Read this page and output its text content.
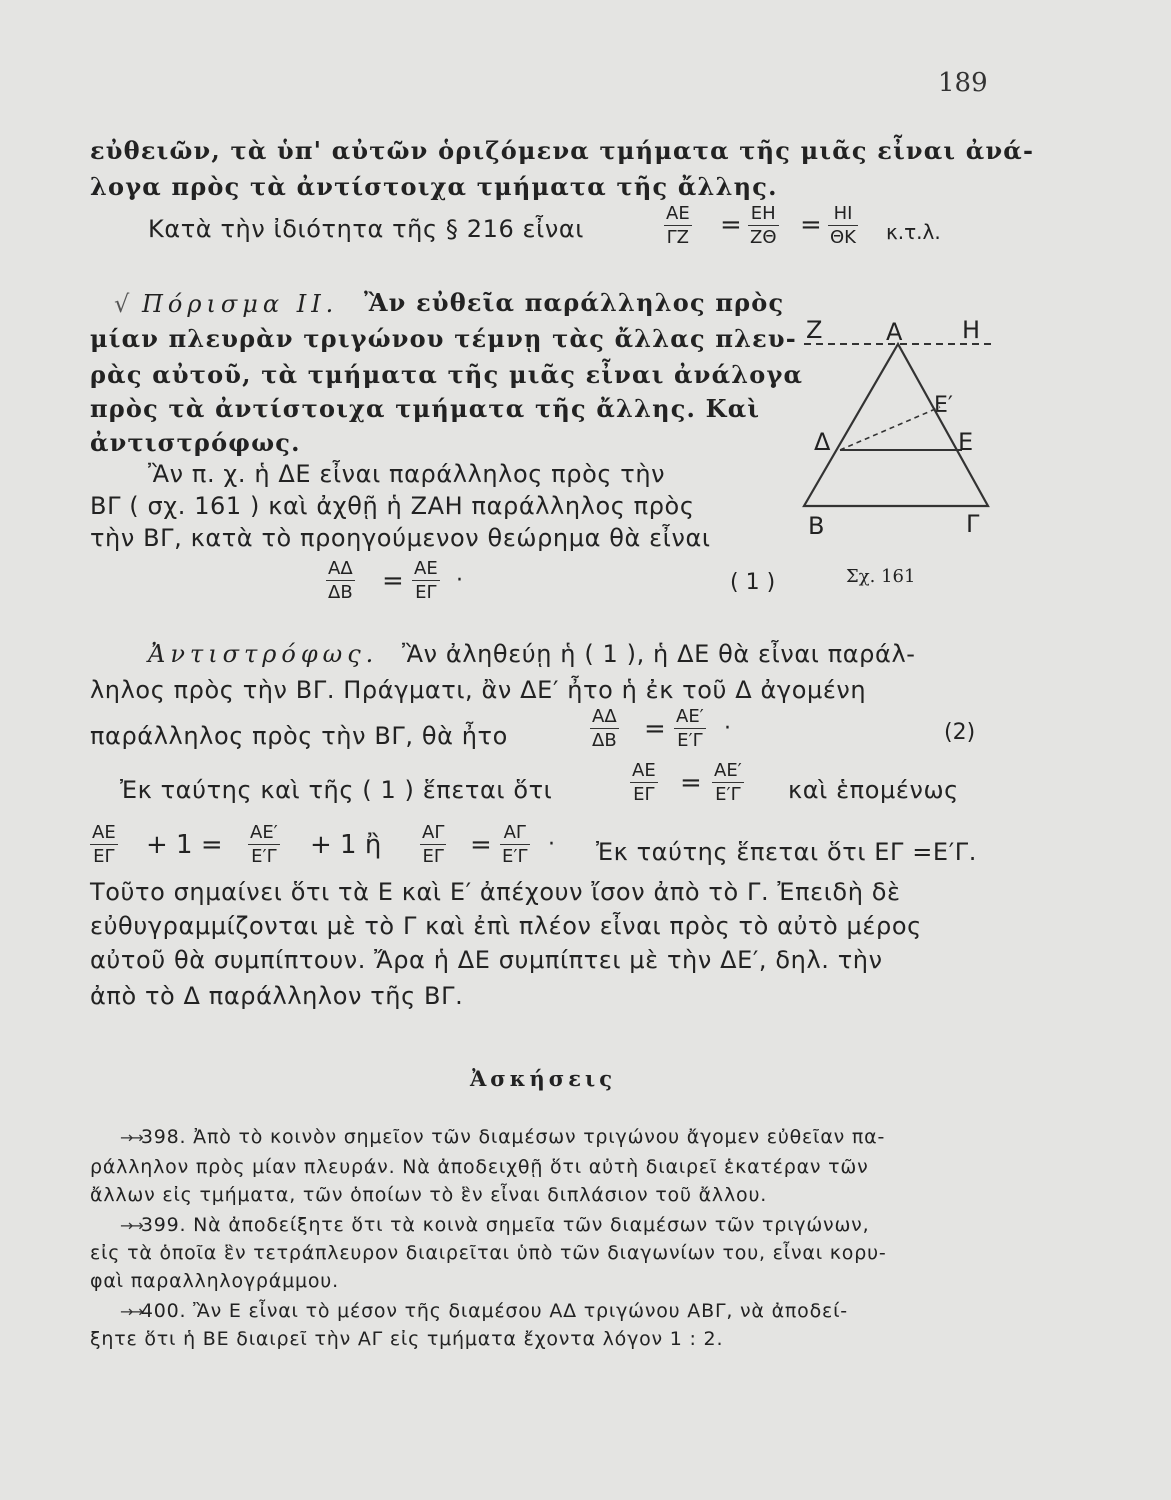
189
εὐθειῶν, τὰ ὑπ' αὐτῶν ὁριζόμενα τμήματα τῆς μιᾶς εἶναι ἀνά-
λογα πρὸς τὰ ἀντίστοιχα τμήματα τῆς ἄλλης.
Κατὰ τὴν ἰδιότητα τῆς § 216 εἶναι	$\frac{AE}{\Gamma Z} = \frac{EH}{Z\Theta} = \frac{HI}{\Theta K} \kappa.\tau.\lambda$.
√ Πόρισμα ΙΙ. Ἂν εὐθεῖα παράλληλος πρὸς
μίαν πλευρὰν τριγώνου τέμνῃ τὰς ἄλλας πλευ-
ρὰς αὐτοῦ, τὰ τμήματα τῆς μιᾶς εἶναι ἀνάλογα
πρὸς τὰ ἀντίστοιχα τμήματα τῆς ἄλλης. Καὶ
ἀντιστρόφως.
Ἂν π. χ. ἡ ΔΕ εἶναι παράλληλος πρὸς τὴν
ΒΓ ( σχ. 161 ) καὶ ἀχθῇ ἡ ΖΑΗ παράλληλος πρὸς
τὴν ΒΓ, κατὰ τὸ προηγούμενον θεώρημα θὰ εἶναι
$\frac{A\Delta}{\Delta B} = \frac{AE}{E\Gamma}$ ·	( 1 )
Ζ	Α Η
Ε′
Δ	Ε
Β	Γ
Σχ. 161
Ἀντιστρόφως. Ἂν ἀληθεύῃ ἡ ( 1 ), ἡ ΔΕ θὰ εἶναι παράλ-
ληλος πρὸς τὴν ΒΓ. Πράγματι, ἂν ΔΕ′ ἦτο ἡ ἐκ τοῦ Δ ἀγομένη
παράλληλος πρὸς τὴν ΒΓ, θὰ ἦτο	$\frac{A\Delta}{\Delta B} = \frac{AE'}{E'\Gamma}$ ·	(2)
Ἐκ ταύτης καὶ τῆς ( 1 ) ἕπεται ὅτι	$\frac{AE}{E\Gamma} = \frac{AE'}{E'\Gamma}$ καὶ ἑπομένως
$\frac{AE}{E\Gamma} + 1 = \frac{AE'}{E'\Gamma} + 1$ ἢ $\frac{A\Gamma}{E\Gamma} = \frac{A\Gamma}{E'\Gamma}$ · Ἐκ ταύτης ἕπεται ὅτι ΕΓ =Ε′Γ.
Τοῦτο σημαίνει ὅτι τὰ Ε καὶ Ε′ ἀπέχουν ἴσον ἀπὸ τὸ Γ. Ἐπειδὴ δὲ
εὐθυγραμμίζονται μὲ τὸ Γ καὶ ἐπὶ πλέον εἶναι πρὸς τὸ αὐτὸ μέρος
αὐτοῦ θὰ συμπίπτουν. Ἄρα ἡ ΔΕ συμπίπτει μὲ τὴν ΔΕ′, δηλ. τὴν
ἀπὸ τὸ Δ παράλληλον τῆς ΒΓ.
Ἀσκήσεις
→→398. Ἀπὸ τὸ κοινὸν σημεῖον τῶν διαμέσων τριγώνου ἄγομεν εὐθεῖαν πα-
ράλληλον πρὸς μίαν πλευράν. Νὰ ἀποδειχθῇ ὅτι αὐτὴ διαιρεῖ ἑκατέραν τῶν
ἄλλων εἰς τμήματα, τῶν ὁποίων τὸ ἓν εἶναι διπλάσιον τοῦ ἄλλου.
→→399. Νὰ ἀποδείξητε ὅτι τὰ κοινὰ σημεῖα τῶν διαμέσων τῶν τριγώνων,
εἰς τὰ ὁποῖα ἓν τετράπλευρον διαιρεῖται ὑπὸ τῶν διαγωνίων του, εἶναι κορυ-
φαὶ παραλληλογράμμου.
→→400. Ἂν Ε εἶναι τὸ μέσον τῆς διαμέσου ΑΔ τριγώνου ΑΒΓ, νὰ ἀποδεί-
ξητε ὅτι ἡ ΒΕ διαιρεῖ τὴν ΑΓ εἰς τμήματα ἔχοντα λόγον 1 : 2.
